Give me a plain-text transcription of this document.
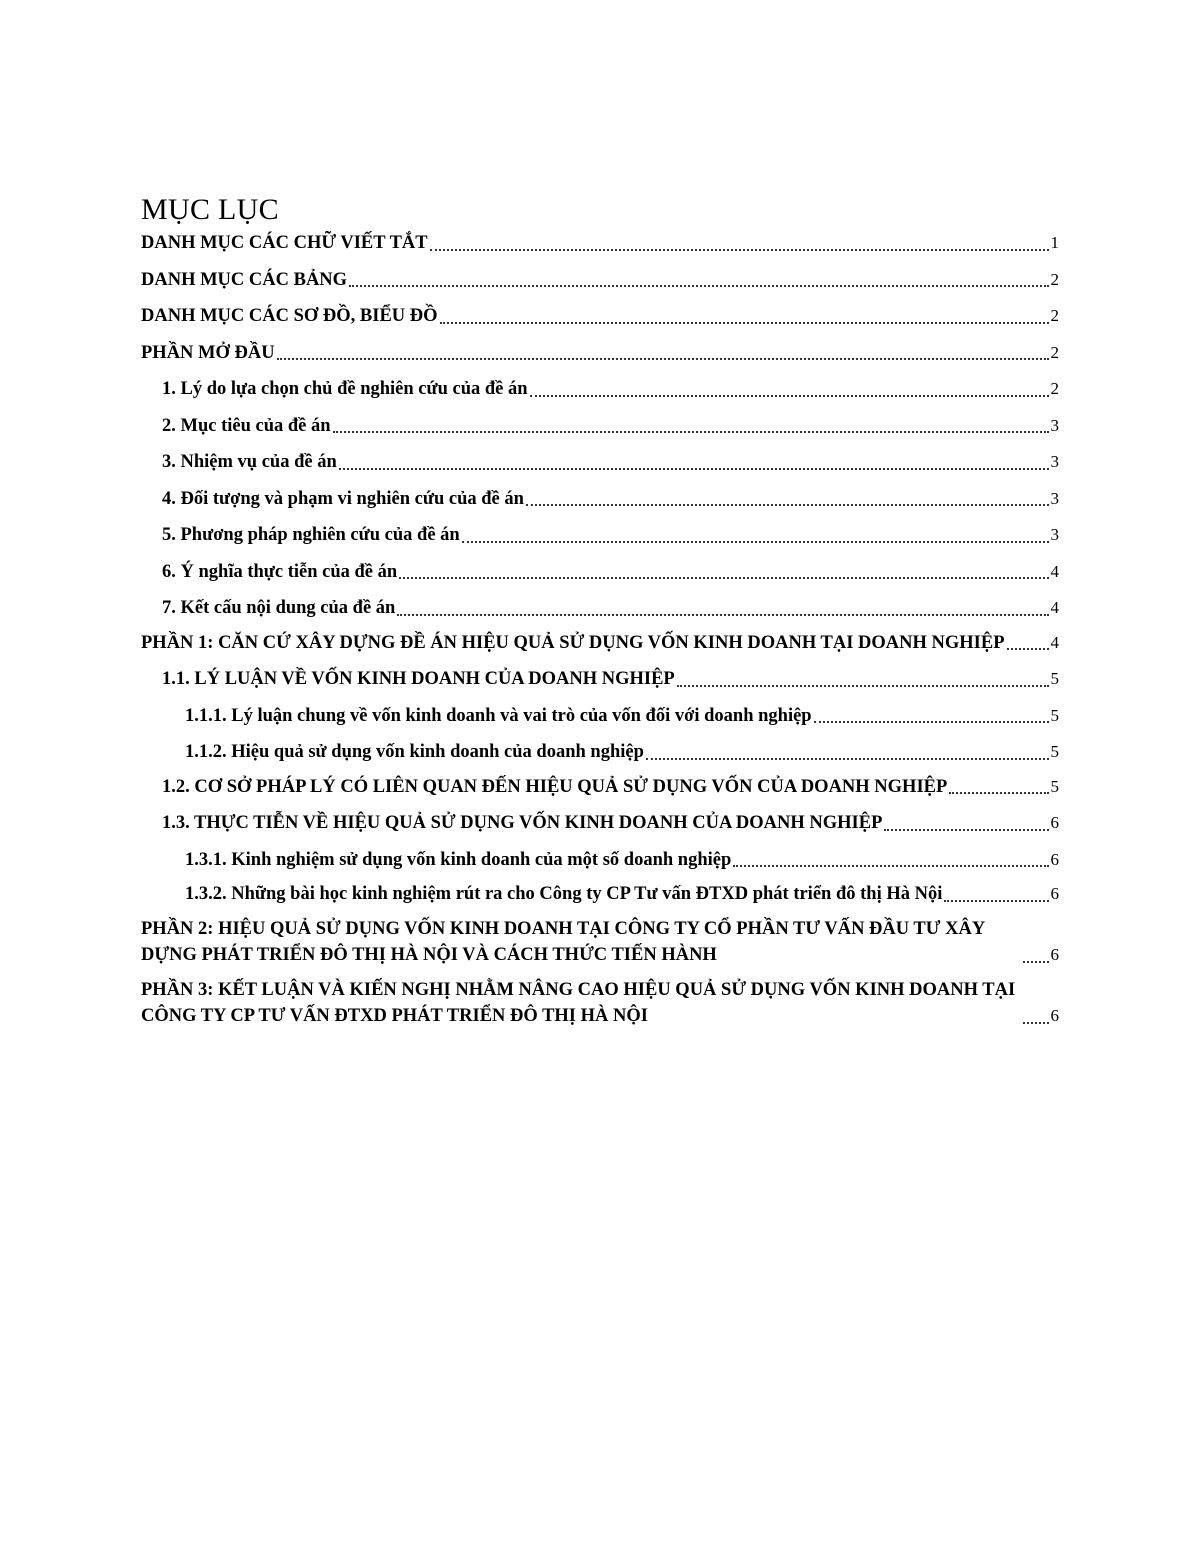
MỤC LỤC
DANH MỤC CÁC CHỮ VIẾT TẮT	1
DANH MỤC CÁC BẢNG	2
DANH MỤC CÁC SƠ ĐỒ, BIỂU ĐỒ	2
PHẦN MỞ ĐẦU	2
1. Lý do lựa chọn chủ đề nghiên cứu của đề án	2
2. Mục tiêu của đề án	3
3. Nhiệm vụ của đề án	3
4. Đối tượng và phạm vi nghiên cứu của đề án	3
5. Phương pháp nghiên cứu của đề án	3
6. Ý nghĩa thực tiễn của đề án	4
7. Kết cấu nội dung của đề án	4
PHẦN 1: CĂN CỨ XÂY DỰNG ĐỀ ÁN HIỆU QUẢ SỬ DỤNG VỐN KINH DOANH TẠI DOANH NGHIỆP	4
1.1. LÝ LUẬN VỀ VỐN KINH DOANH CỦA DOANH NGHIỆP	5
1.1.1. Lý luận chung về vốn kinh doanh và vai trò của vốn đối với doanh nghiệp	5
1.1.2. Hiệu quả sử dụng vốn kinh doanh của doanh nghiệp	5
1.2. CƠ SỞ PHÁP LÝ CÓ LIÊN QUAN ĐẾN HIỆU QUẢ SỬ DỤNG VỐN CỦA DOANH NGHIỆP	5
1.3. THỰC TIỄN VỀ HIỆU QUẢ SỬ DỤNG VỐN KINH DOANH CỦA DOANH NGHIỆP	6
1.3.1. Kinh nghiệm sử dụng vốn kinh doanh của một số doanh nghiệp	6
1.3.2. Những bài học kinh nghiệm rút ra cho Công ty CP Tư vấn ĐTXD phát triển đô thị Hà Nội	6
PHẦN 2: HIỆU QUẢ SỬ DỤNG VỐN KINH DOANH TẠI CÔNG TY CỔ PHẦN TƯ VẤN ĐẦU TƯ XÂY DỰNG PHÁT TRIỂN ĐÔ THỊ HÀ NỘI VÀ CÁCH THỨC TIẾN HÀNH	6
PHẦN 3: KẾT LUẬN VÀ KIẾN NGHỊ NHẰM NÂNG CAO HIỆU QUẢ SỬ DỤNG VỐN KINH DOANH TẠI CÔNG TY CP TƯ VẤN ĐTXD PHÁT TRIỂN ĐÔ THỊ HÀ NỘI	6
